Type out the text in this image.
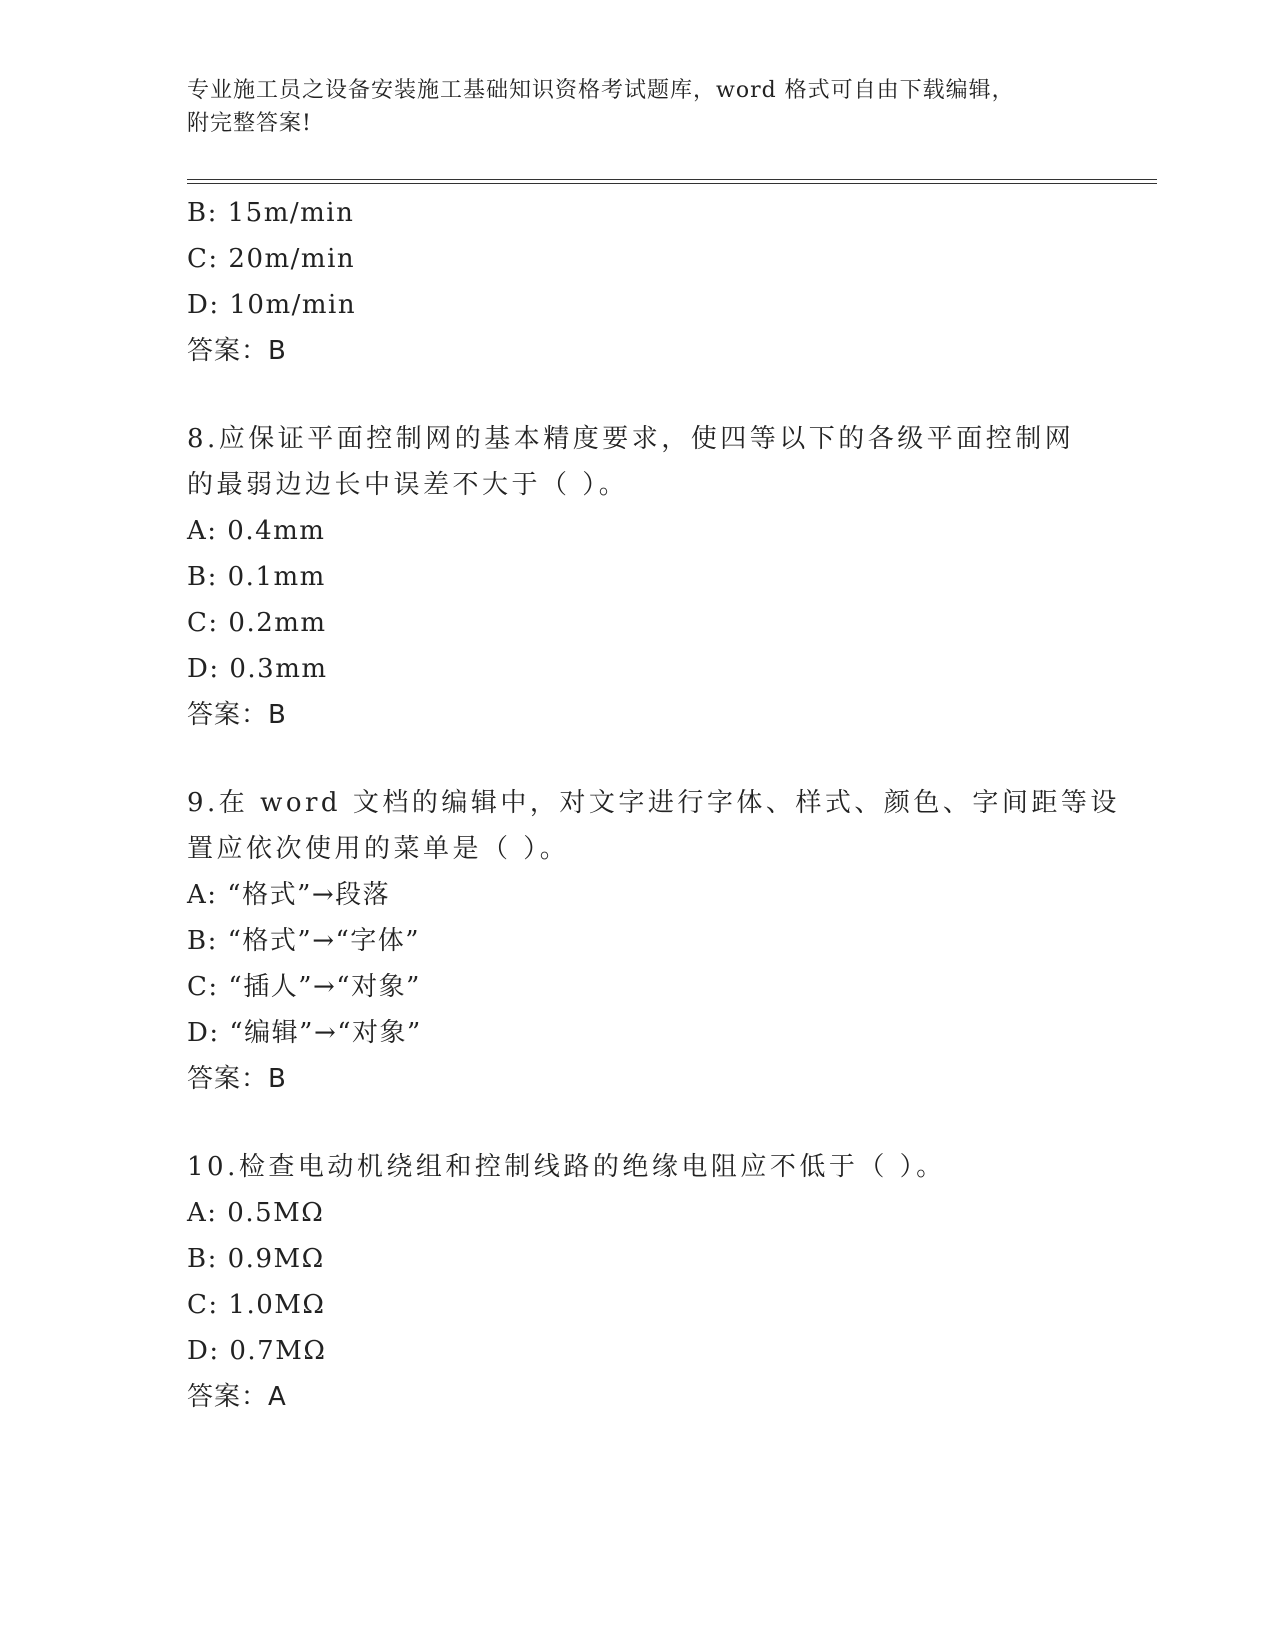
专业施工员之设备安装施工基础知识资格考试题库，word 格式可自由下载编辑，
附完整答案!
B: 15m/min
C: 20m/min
D: 10m/min
答案：B
8.应保证平面控制网的基本精度要求，使四等以下的各级平面控制网
的最弱边边长中误差不大于（ ）。
A: 0.4mm
B: 0.1mm
C: 0.2mm
D: 0.3mm
答案：B
9.在 word 文档的编辑中，对文字进行字体、样式、颜色、字间距等设
置应依次使用的菜单是（ ）。
A: “格式”→段落
B: “格式”→“字体”
C: “插人”→“对象”
D: “编辑”→“对象”
答案：B
10.检查电动机绕组和控制线路的绝缘电阻应不低于（ ）。
A: 0.5MΩ
B: 0.9MΩ
C: 1.0MΩ
D: 0.7MΩ
答案：A
